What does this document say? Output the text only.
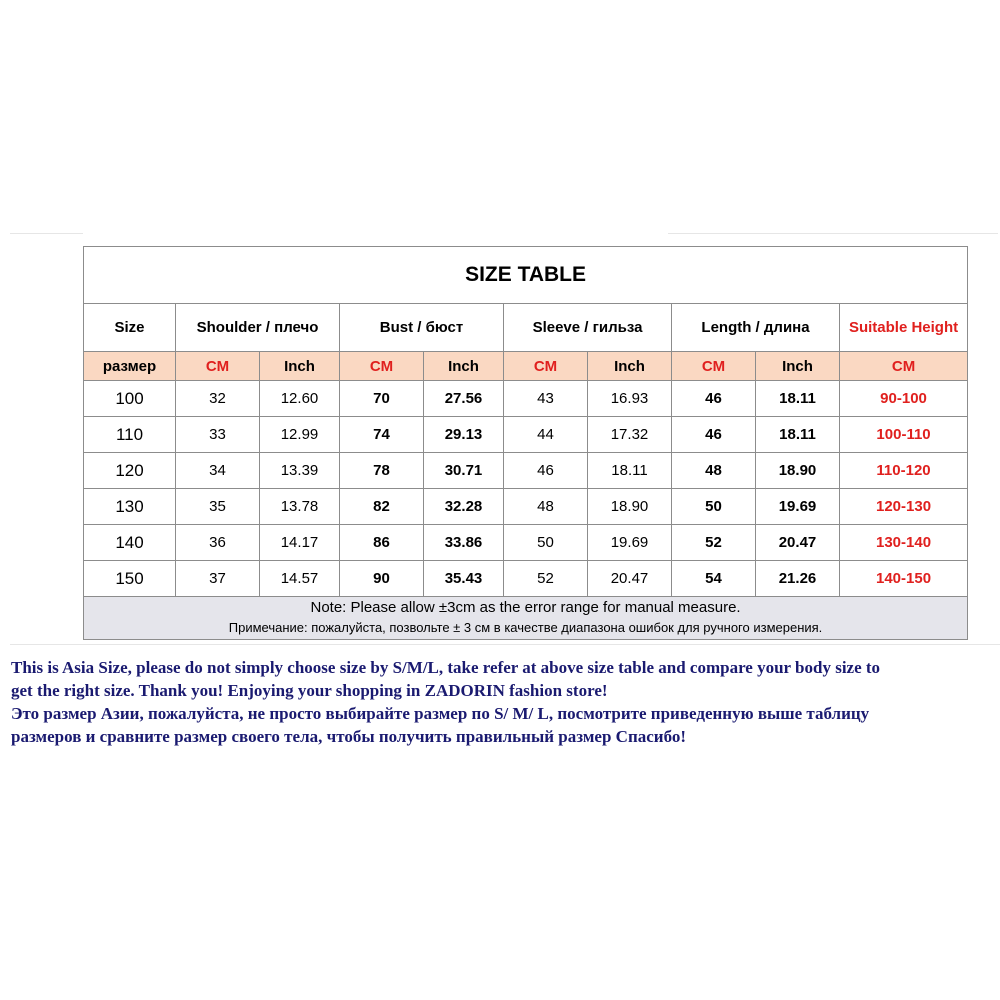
SIZE TABLE									
Size	Shoulder / плечо		Bust / бюст		Sleeve / гильза		Length / длина		Suitable Height
размер	CM	Inch	CM	Inch	CM	Inch	CM	Inch	CM
100	32	12.60	70	27.56	43	16.93	46	18.11	90-100
110	33	12.99	74	29.13	44	17.32	46	18.11	100-110
120	34	13.39	78	30.71	46	18.11	48	18.90	110-120
130	35	13.78	82	32.28	48	18.90	50	19.69	120-130
140	36	14.17	86	33.86	50	19.69	52	20.47	130-140
150	37	14.57	90	35.43	52	20.47	54	21.26	140-150

Note: Please allow ±3cm as the error range for manual measure.
Примечание: пожалуйста, позвольте ± 3 см в качестве диапазона ошибок для ручного измерения.									
This is Asia Size, please do not simply choose size by S/M/L, take refer at above size table and compare your body size to
get the right size. Thank you! Enjoying your shopping in ZADORIN fashion store!
Это размер Азии, пожалуйста, не просто выбирайте размер по S/ M/ L, посмотрите приведенную выше таблицу
размеров и сравните размер своего тела, чтобы получить правильный размер Спасибо!
